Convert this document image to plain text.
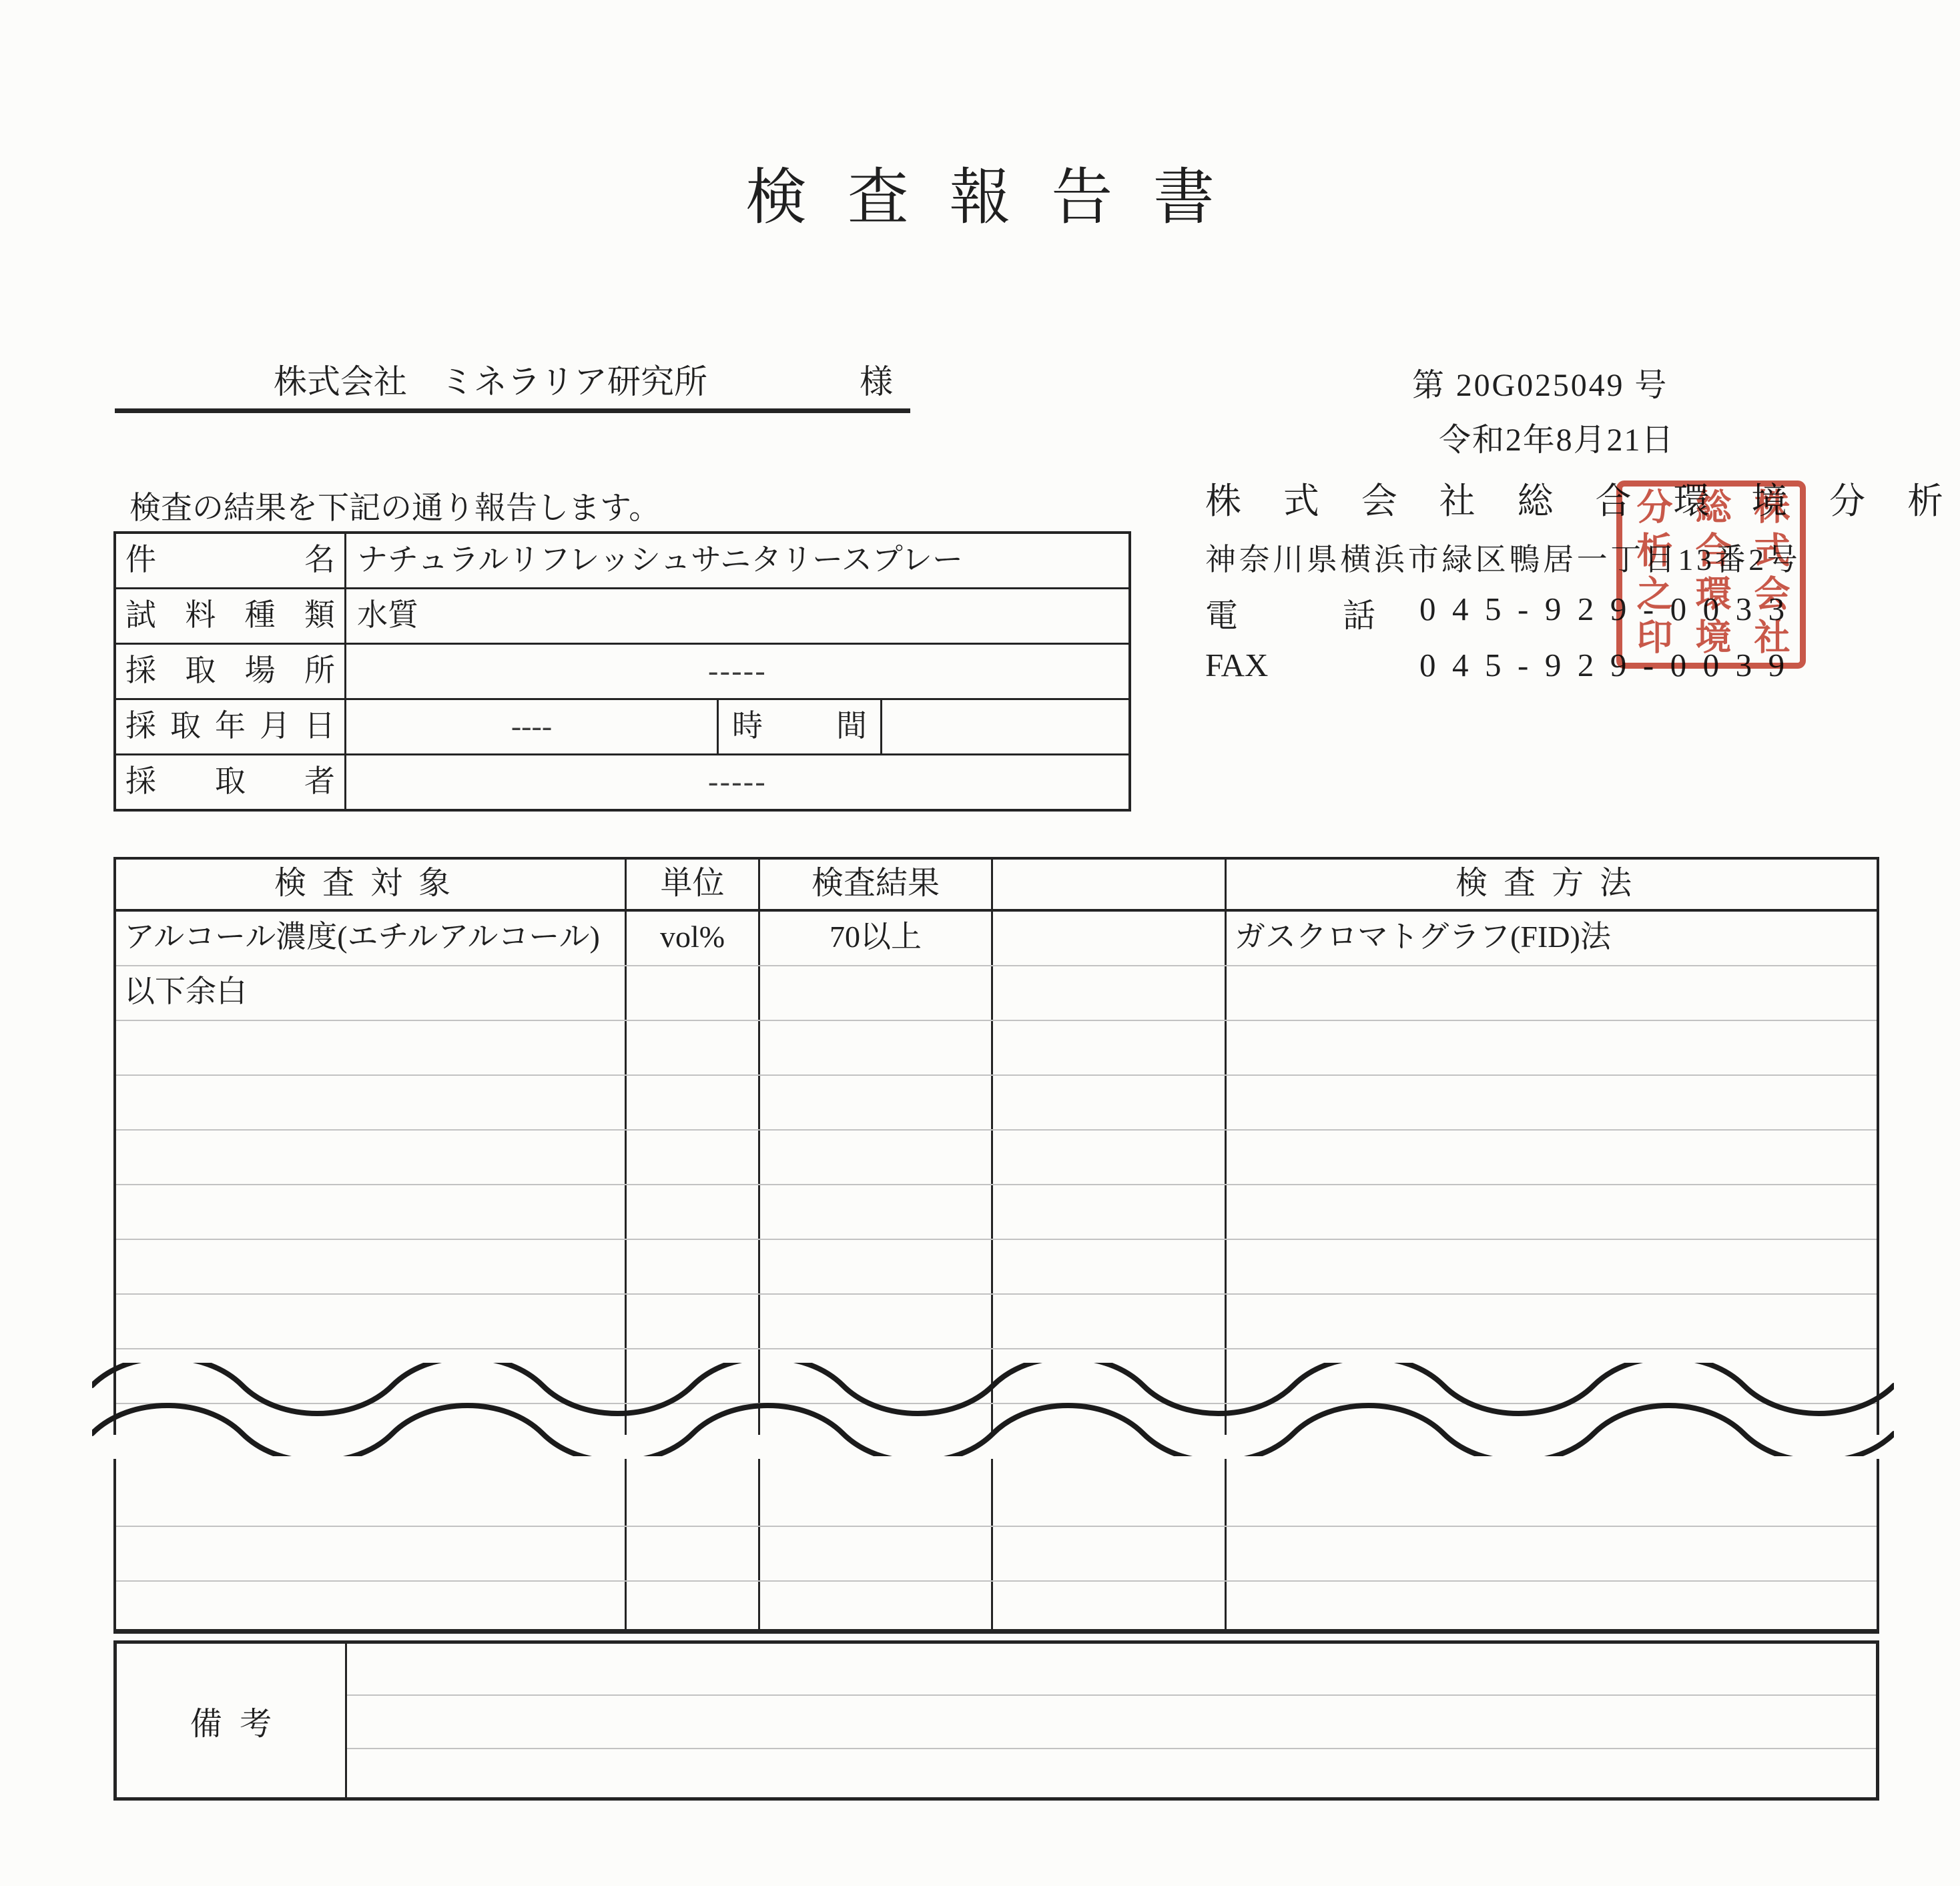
検査報告書
株式会社　ミネラリア研究所	様	第 20G025049 号
令和2年8月21日
検査の結果を下記の通り報告します。	株式会社総合環境分析
神奈川県横浜市緑区鴨居一丁目13番2号
電話 045-929-0033
FAX	045-929-0039
株式会社総合環境分析之印
件名 ナチュラルリフレッシュサニタリースプレー
試料種類 水質
採取場所	-----
採取年月日	----	時間
採取者	-----
検査対象	単位	検査結果	検査方法
アルコール濃度(エチルアルコール)	vol%	70以上	ガスクロマトグラフ(FID)法
以下余白
備考
